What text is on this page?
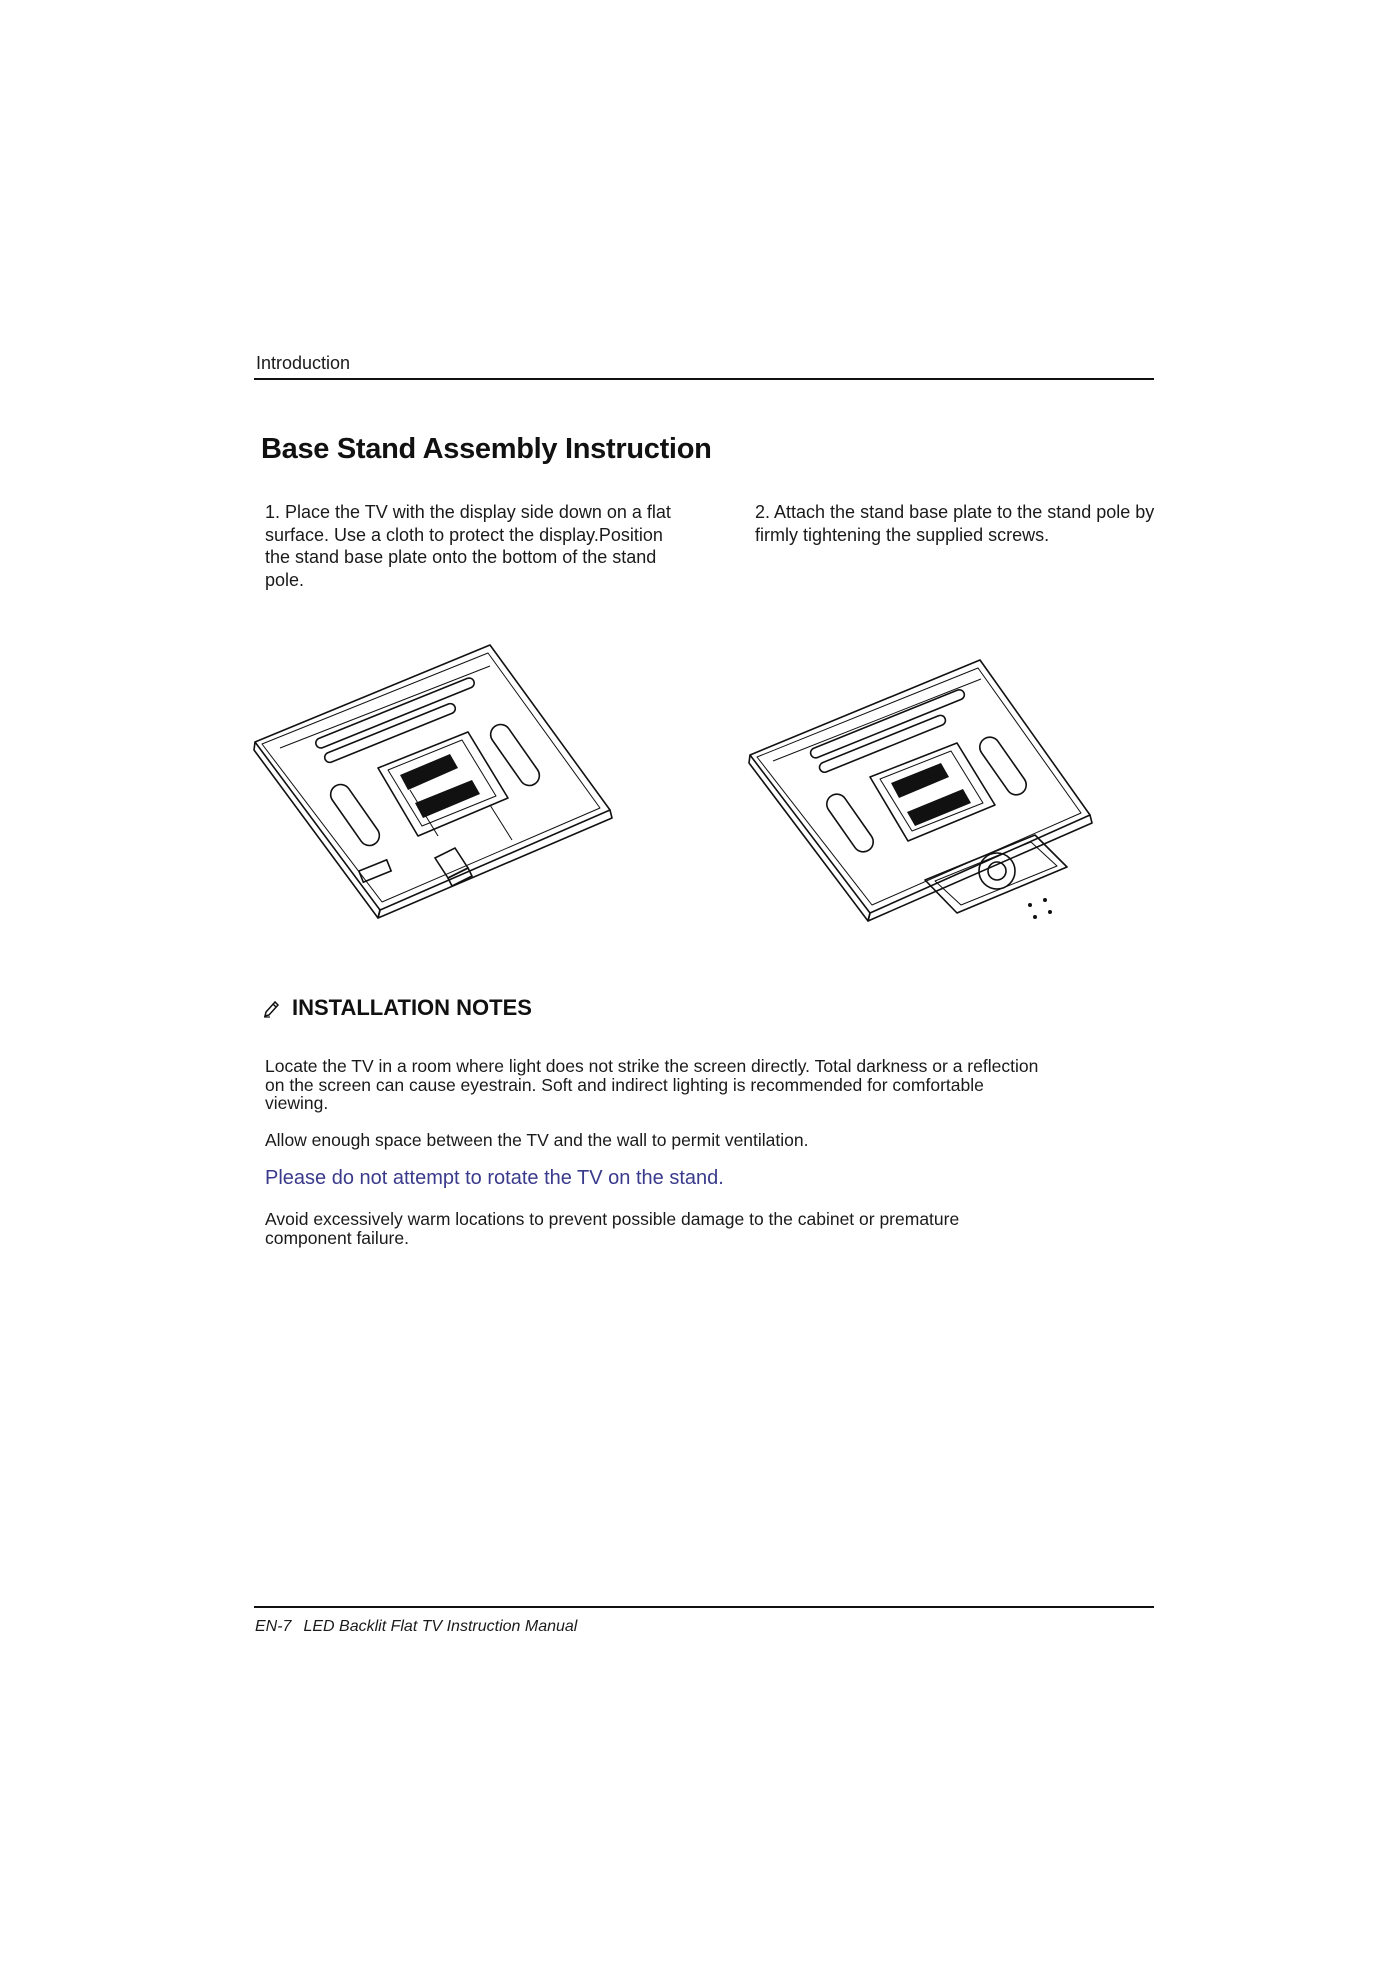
Introduction
Base Stand Assembly Instruction
1. Place the TV with the display side down on a flat surface. Use a cloth to protect the display.Position the stand base plate onto the bottom of the stand pole.
2. Attach the stand base plate to the stand pole by firmly tightening the supplied screws.
INSTALLATION NOTES
Locate the TV in a room where light does not strike the screen directly. Total darkness or a reflection on the screen can cause eyestrain. Soft and indirect lighting is recommended for comfortable viewing.
Allow enough space between the TV and the wall to permit ventilation.
Please do not attempt to rotate the TV on the stand.
Avoid excessively warm locations to prevent possible damage to the cabinet or premature component failure.
EN-7 LED Backlit Flat TV Instruction Manual
